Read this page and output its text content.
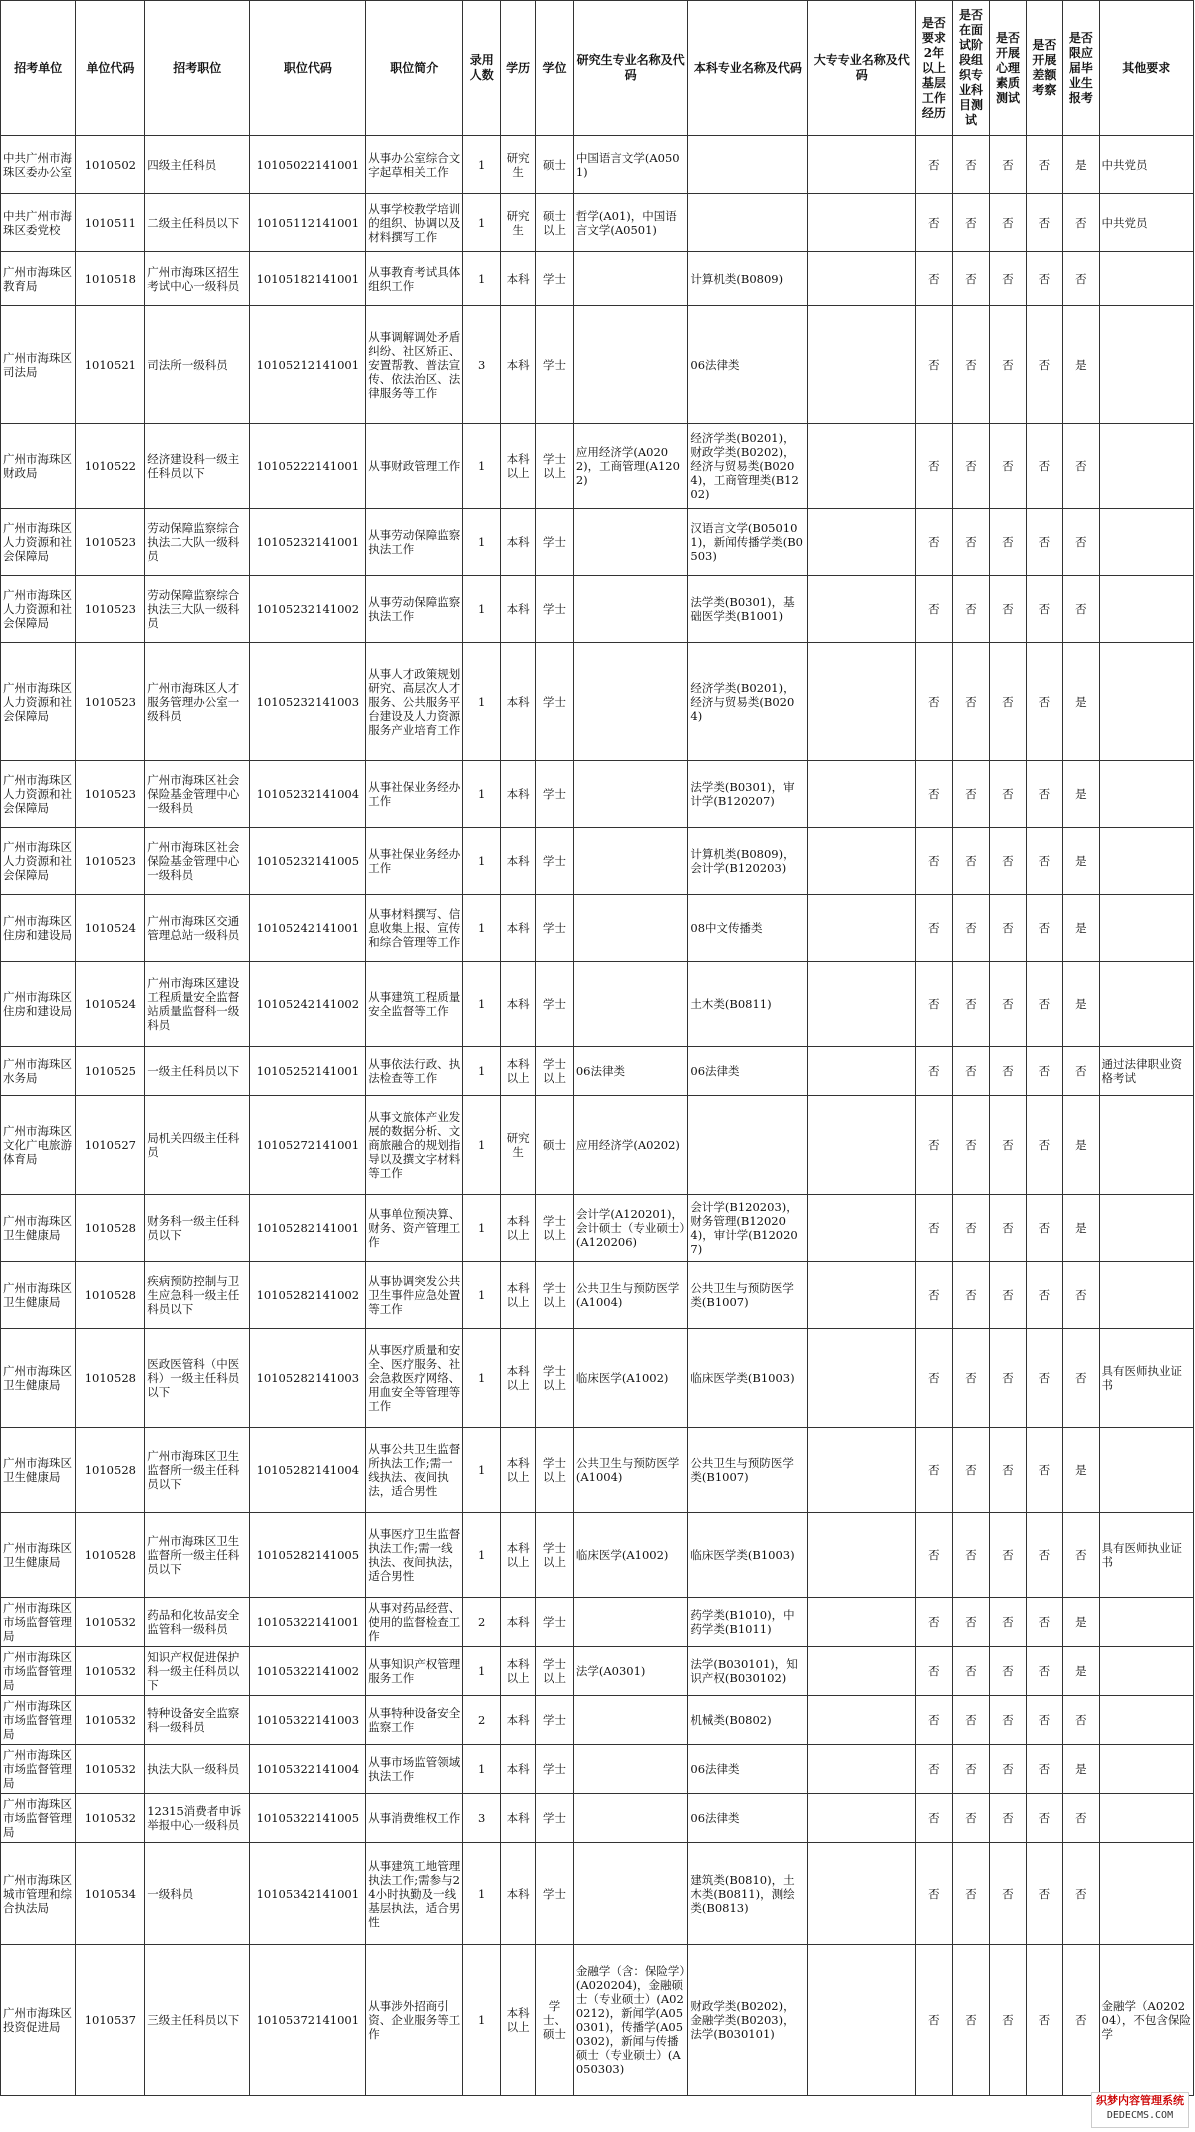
招考单位	单位代码	招考职位	职位代码	职位简介	录用人数	学历	学位	研究生专业名称及代码	本科专业名称及代码	大专专业名称及代码	是否要求2年以上基层工作经历	是否在面试阶段组织专业科目测试	是否开展心理素质测试	是否开展差额考察	是否限应届毕业生报考	其他要求
中共广州市海珠区委办公室	1010502	四级主任科员	10105022141001	从事办公室综合文字起草相关工作	1	研究生	硕士	中国语言文学(A0501)			否	否	否	否	是	中共党员
中共广州市海珠区委党校	1010511	二级主任科员以下	10105112141001	从事学校教学培训的组织、协调以及材料撰写工作	1	研究生	硕士以上	哲学(A01)，中国语言文学(A0501)			否	否	否	否	否	中共党员
广州市海珠区教育局	1010518	广州市海珠区招生考试中心一级科员	10105182141001	从事教育考试具体组织工作	1	本科	学士		计算机类(B0809)		否	否	否	否	否	
广州市海珠区司法局	1010521	司法所一级科员	10105212141001	从事调解调处矛盾纠纷、社区矫正、安置帮教、普法宣传、依法治区、法律服务等工作	3	本科	学士		06法律类		否	否	否	否	是	
广州市海珠区财政局	1010522	经济建设科一级主任科员以下	10105222141001	从事财政管理工作	1	本科以上	学士以上	应用经济学(A0202)，工商管理(A1202)	经济学类(B0201)，财政学类(B0202)，经济与贸易类(B0204)，工商管理类(B1202)		否	否	否	否	否	
广州市海珠区人力资源和社会保障局	1010523	劳动保障监察综合执法二大队一级科员	10105232141001	从事劳动保障监察执法工作	1	本科	学士		汉语言文学(B050101)，新闻传播学类(B0503)		否	否	否	否	否	
广州市海珠区人力资源和社会保障局	1010523	劳动保障监察综合执法三大队一级科员	10105232141002	从事劳动保障监察执法工作	1	本科	学士		法学类(B0301)，基础医学类(B1001)		否	否	否	否	否	
广州市海珠区人力资源和社会保障局	1010523	广州市海珠区人才服务管理办公室一级科员	10105232141003	从事人才政策规划研究、高层次人才服务、公共服务平台建设及人力资源服务产业培育工作	1	本科	学士		经济学类(B0201)，经济与贸易类(B0204)		否	否	否	否	是	
广州市海珠区人力资源和社会保障局	1010523	广州市海珠区社会保险基金管理中心一级科员	10105232141004	从事社保业务经办工作	1	本科	学士		法学类(B0301)，审计学(B120207)		否	否	否	否	是	
广州市海珠区人力资源和社会保障局	1010523	广州市海珠区社会保险基金管理中心一级科员	10105232141005	从事社保业务经办工作	1	本科	学士		计算机类(B0809)，会计学(B120203)		否	否	否	否	是	
广州市海珠区住房和建设局	1010524	广州市海珠区交通管理总站一级科员	10105242141001	从事材料撰写、信息收集上报、宣传和综合管理等工作	1	本科	学士		08中文传播类		否	否	否	否	是	
广州市海珠区住房和建设局	1010524	广州市海珠区建设工程质量安全监督站质量监督科一级科员	10105242141002	从事建筑工程质量安全监督等工作	1	本科	学士		土木类(B0811)		否	否	否	否	是	
广州市海珠区水务局	1010525	一级主任科员以下	10105252141001	从事依法行政、执法检查等工作	1	本科以上	学士以上	06法律类	06法律类		否	否	否	否	否	通过法律职业资格考试
广州市海珠区文化广电旅游体育局	1010527	局机关四级主任科员	10105272141001	从事文旅体产业发展的数据分析、文商旅融合的规划指导以及撰文字材料等工作	1	研究生	硕士	应用经济学(A0202)			否	否	否	否	是	
广州市海珠区卫生健康局	1010528	财务科一级主任科员以下	10105282141001	从事单位预决算、财务、资产管理工作	1	本科以上	学士以上	会计学(A120201)，会计硕士（专业硕士）(A120206)	会计学(B120203)，财务管理(B120204)，审计学(B120207)		否	否	否	否	是	
广州市海珠区卫生健康局	1010528	疾病预防控制与卫生应急科一级主任科员以下	10105282141002	从事协调突发公共卫生事件应急处置等工作	1	本科以上	学士以上	公共卫生与预防医学(A1004)	公共卫生与预防医学类(B1007)		否	否	否	否	否	
广州市海珠区卫生健康局	1010528	医政医管科（中医科）一级主任科员以下	10105282141003	从事医疗质量和安全、医疗服务、社会急救医疗网络、用血安全等管理等工作	1	本科以上	学士以上	临床医学(A1002)	临床医学类(B1003)		否	否	否	否	否	具有医师执业证书
广州市海珠区卫生健康局	1010528	广州市海珠区卫生监督所一级主任科员以下	10105282141004	从事公共卫生监督所执法工作;需一线执法、夜间执法，适合男性	1	本科以上	学士以上	公共卫生与预防医学(A1004)	公共卫生与预防医学类(B1007)		否	否	否	否	是	
广州市海珠区卫生健康局	1010528	广州市海珠区卫生监督所一级主任科员以下	10105282141005	从事医疗卫生监督执法工作;需一线执法、夜间执法，适合男性	1	本科以上	学士以上	临床医学(A1002)	临床医学类(B1003)		否	否	否	否	否	具有医师执业证书
广州市海珠区市场监督管理局	1010532	药品和化妆品安全监管科一级科员	10105322141001	从事对药品经营、使用的监督检查工作	2	本科	学士		药学类(B1010)，中药学类(B1011)		否	否	否	否	是	
广州市海珠区市场监督管理局	1010532	知识产权促进保护科一级主任科员以下	10105322141002	从事知识产权管理服务工作	1	本科以上	学士以上	法学(A0301)	法学(B030101)，知识产权(B030102)		否	否	否	否	是	
广州市海珠区市场监督管理局	1010532	特种设备安全监察科一级科员	10105322141003	从事特种设备安全监察工作	2	本科	学士		机械类(B0802)		否	否	否	否	否	
广州市海珠区市场监督管理局	1010532	执法大队一级科员	10105322141004	从事市场监管领域执法工作	1	本科	学士		06法律类		否	否	否	否	是	
广州市海珠区市场监督管理局	1010532	12315消费者申诉举报中心一级科员	10105322141005	从事消费维权工作	3	本科	学士		06法律类		否	否	否	否	否	
广州市海珠区城市管理和综合执法局	1010534	一级科员	10105342141001	从事建筑工地管理执法工作;需参与24小时执勤及一线基层执法，适合男性	1	本科	学士		建筑类(B0810)，土木类(B0811)，测绘类(B0813)		否	否	否	否	否	
广州市海珠区投资促进局	1010537	三级主任科员以下	10105372141001	从事涉外招商引资、企业服务等工作	1	本科以上	学士、硕士	金融学（含：保险学）(A020204)，金融硕士（专业硕士）(A020212)，新闻学(A050301)，传播学(A050302)，新闻与传播硕士（专业硕士）(A050303)	财政学类(B0202)，金融学类(B0203)，法学(B030101)		否	否	否	否	否	金融学（A020204），不包含保险学
织梦内容管理系统
DEDECMS.COM
